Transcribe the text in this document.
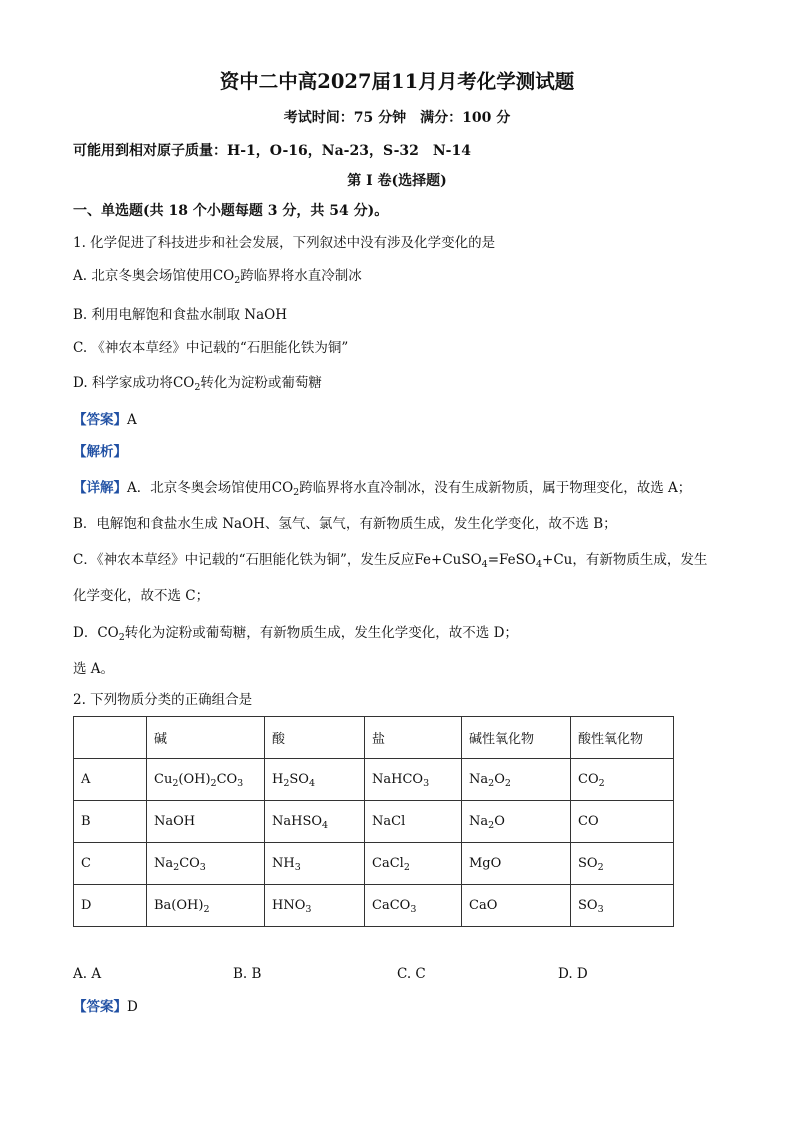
资中二中高2027届11月月考化学测试题
考试时间：75 分钟　满分：100 分
可能用到相对原子质量：H-1，O-16，Na-23，S-32　N-14
第 I 卷(选择题)
一、单选题(共 18 个小题每题 3 分，共 54 分)。
1. 化学促进了科技进步和社会发展，下列叙述中没有涉及化学变化的是
A. 北京冬奥会场馆使用$CO_2$跨临界将水直冷制冰
B. 利用电解饱和食盐水制取 NaOH
C. 《神农本草经》中记载的“石胆能化铁为铜”
D. 科学家成功将$CO_2$转化为淀粉或葡萄糖
【答案】A
【解析】
【详解】A．北京冬奥会场馆使用$CO_2$跨临界将水直冷制冰，没有生成新物质，属于物理变化，故选 A；
B．电解饱和食盐水生成 NaOH、氢气、氯气，有新物质生成，发生化学变化，故不选 B；
C．《神农本草经》中记载的“石胆能化铁为铜”，发生反应Fe+CuSO$_4$=FeSO$_4$+Cu，有新物质生成，发生
化学变化，故不选 C；
D．$CO_2$转化为淀粉或葡萄糖，有新物质生成，发生化学变化，故不选 D；
选 A。
2. 下列物质分类的正确组合是
	碱	酸	盐	碱性氧化物	酸性氧化物
A	$Cu_2(OH)_2CO_3$	$H_2SO_4$	NaHCO$_3$	$Na_2O_2$	$CO_2$
B	NaOH	NaHSO$_4$	NaCl	$Na_2O$	CO
C	$Na_2CO_3$	$NH_3$	CaCl$_2$	MgO	$SO_2$
D	$Ba(OH)_2$	$HNO_3$	CaCO$_3$	CaO	$SO_3$
A. A	B. B	C. C	D. D
【答案】D
